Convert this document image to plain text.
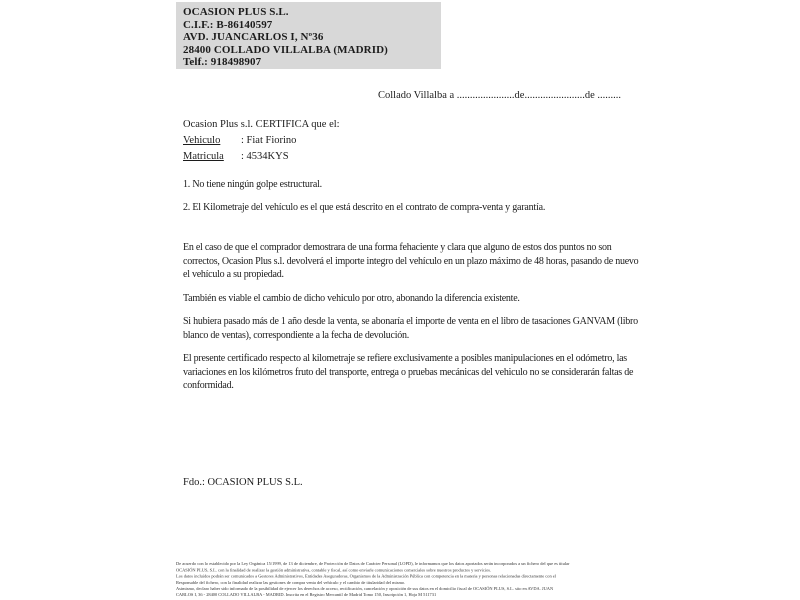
OCASION PLUS S.L.
C.I.F.: B-86140597
AVD. JUANCARLOS I, Nº36
28400 COLLADO VILLALBA (MADRID)
Telf.: 918498907
Collado Villalba a ......................de.......................de .........
Ocasion Plus s.l. CERTIFICA que el:
Vehiculo : Fiat Fiorino
Matricula : 4534KYS
1. No tiene ningún golpe estructural.
2. El Kilometraje del vehículo es el que está descrito en el contrato de compra-venta y garantía.

En el caso de que el comprador demostrara de una forma fehaciente y clara que alguno de estos dos puntos no son correctos, Ocasion Plus s.l. devolverá el importe integro del vehículo en un plazo máximo de 48 horas, pasando de nuevo el vehículo a su propiedad.

También es viable el cambio de dicho vehiculo por otro, abonando la diferencia existente.

Si hubiera pasado más de 1 año desde la venta, se abonaría el importe de venta en el libro de tasaciones GANVAM (libro blanco de ventas), correspondiente a la fecha de devolución.

El presente certificado respecto al kilometraje se refiere exclusivamente a posibles manipulaciones en el odómetro, las variaciones en los kilómetros fruto del transporte, entrega o pruebas mecánicas del vehiculo no se considerarán faltas de conformidad.

Fdo.: OCASION PLUS S.L.
De acuerdo con lo establecido por la Ley Orgánica 15/1999, de 13 de diciembre, de Protección de Datos de Carácter Personal (LOPD), le informamos que los datos aportados serán incorporados a un fichero del que es titular
OCASIÓN PLUS, S.L. con la finalidad de realizar la gestión administrativa, contable y fiscal, así como enviarle comunicaciones comerciales sobre nuestros productos y servicios.
Los datos incluidos podrán ser comunicados a Gestores Administrativos, Entidades Aseguradoras, Organismos de la Administración Pública con competencia en la materia y personas relacionadas directamente con el
Responsable del fichero, con la finalidad realizar las gestiones de compra venta del vehículo y el cambio de titularidad del mismo.
Asimismo, declaro haber sido informado de la posibilidad de ejercer los derechos de acceso, rectificación, cancelación y oposición de sus datos en el domicilio fiscal de OCASIÓN PLUS, S.L. sito en AVDA. JUAN
CARLOS I, 36 - 28400 COLLADO VILLALBA - MADRID. Inscrita en el Registro Mercantil de Madrid Tomo 150, Inscripción 1, Hoja M 511731
